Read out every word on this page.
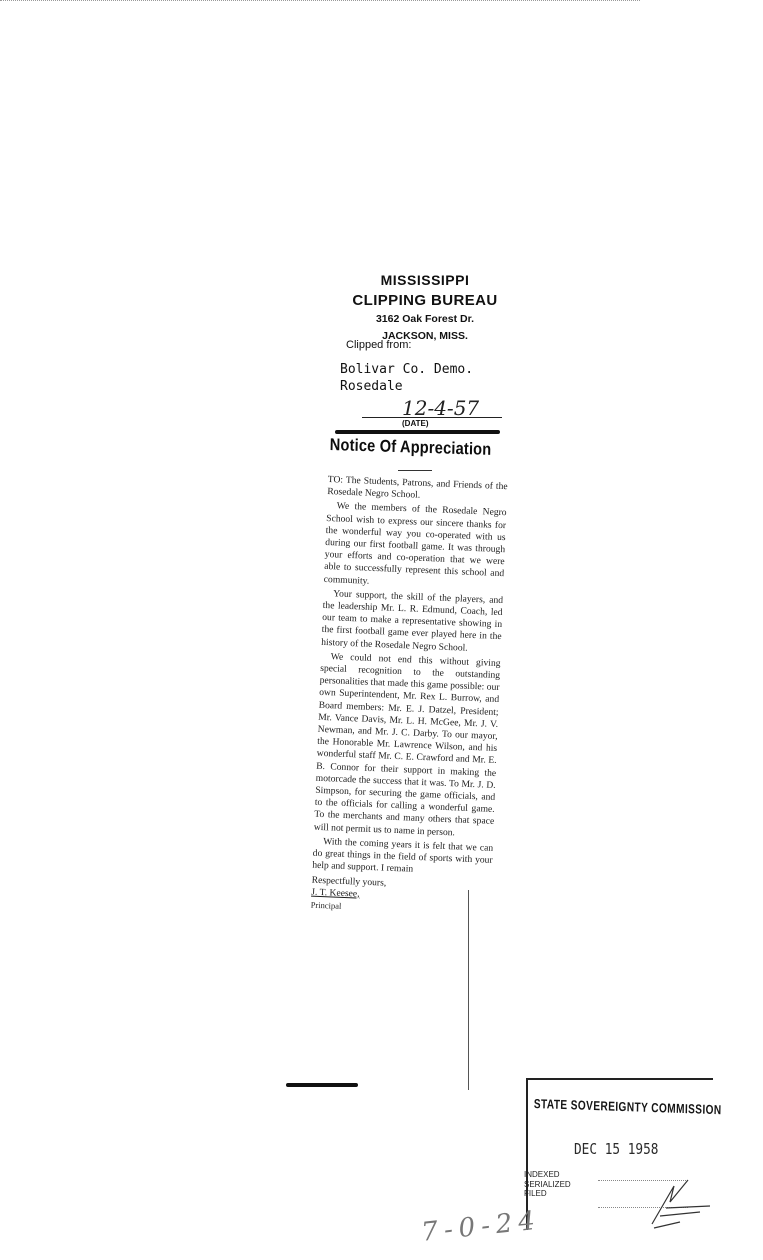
MISSISSIPPI
CLIPPING BUREAU
3162 Oak Forest Dr.
JACKSON, MISS.
Clipped from:
Bolivar Co. Demo.
Rosedale
12-4-57
(DATE)
Notice Of Appreciation

TO: The Students, Patrons, and Friends of the Rosedale Negro School.

We the members of the Rosedale Negro School wish to express our sincere thanks for the wonderful way you co-operated with us during our first football game. It was through your efforts and co-operation that we were able to successfully represent this school and community.

Your support, the skill of the players, and the leadership Mr. L. R. Edmund, Coach, led our team to make a representative showing in the first football game ever played here in the history of the Rosedale Negro School.

We could not end this without giving special recognition to the outstanding personalities that made this game possible: our own Superintendent, Mr. Rex L. Burrow, and Board members: Mr. E. J. Datzel, President; Mr. Vance Davis, Mr. L. H. McGee, Mr. J. V. Newman, and Mr. J. C. Darby. To our mayor, the Honorable Mr. Lawrence Wilson, and his wonderful staff Mr. C. E. Crawford and Mr. E. B. Connor for their support in making the motorcade the success that it was. To Mr. J. D. Simpson, for securing the game officials, and to the officials for calling a wonderful game. To the merchants and many others that space will not permit us to name in person.

With the coming years it is felt that we can do great things in the field of sports with your help and support. I remain

Respectfully yours,
J. T. Keesee,
Principal
STATE SOVEREIGNTY COMMISSION
DEC 15 1958
INDEXED
SERIALIZED
FILED
7-0-24
